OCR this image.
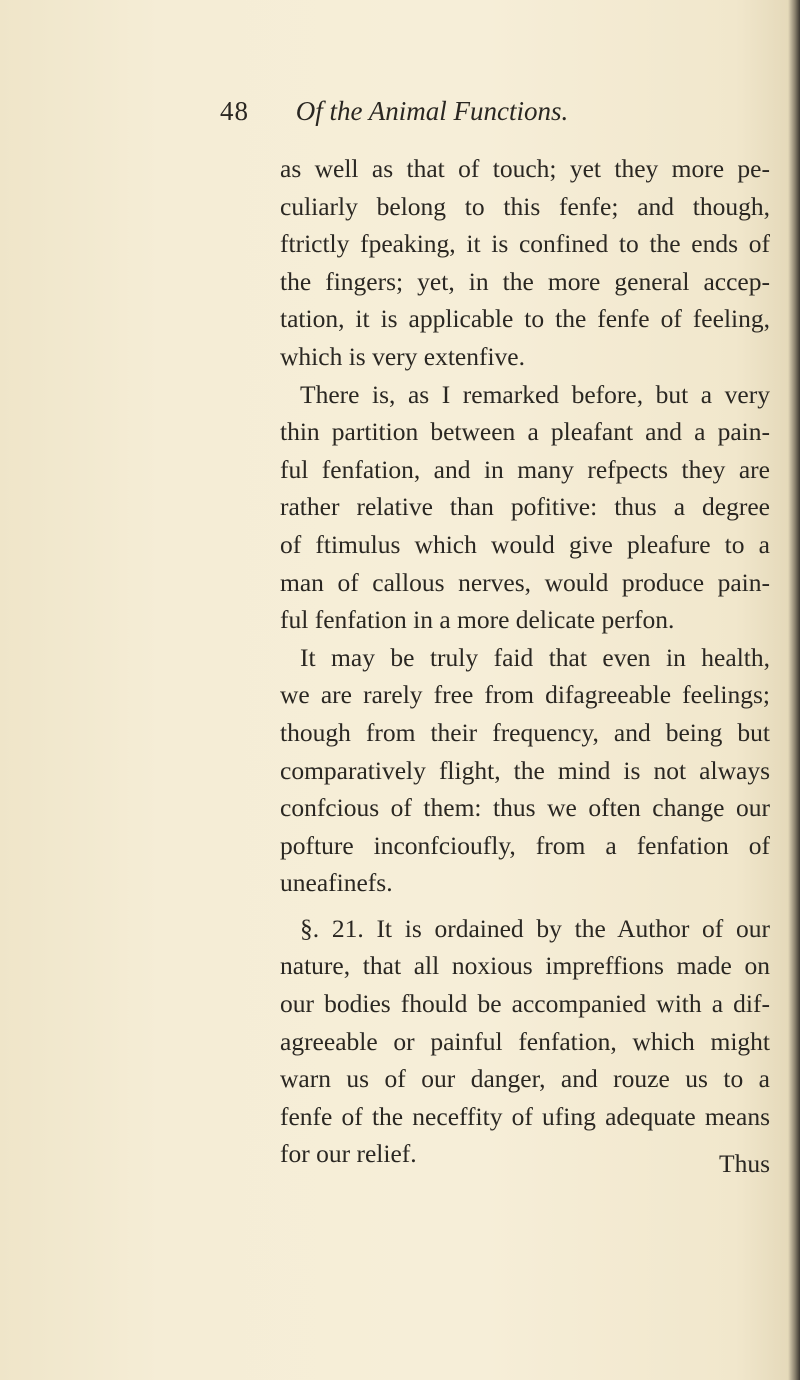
48 Of the Animal Functions.
as well as that of touch; yet they more pe-
culiarly belong to this fenfe; and though,
ftrictly fpeaking, it is confined to the ends of
the fingers; yet, in the more general accep-
tation, it is applicable to the fenfe of feeling,
which is very extenfive.
There is, as I remarked before, but a very
thin partition between a pleafant and a pain-
ful fenfation, and in many refpects they are
rather relative than pofitive: thus a degree
of ftimulus which would give pleafure to a
man of callous nerves, would produce pain-
ful fenfation in a more delicate perfon.
It may be truly faid that even in health,
we are rarely free from difagreeable feelings;
though from their frequency, and being but
comparatively flight, the mind is not always
confcious of them: thus we often change our
pofture inconfcioufly, from a fenfation of
uneafinefs.
§. 21. It is ordained by the Author of our
nature, that all noxious impreffions made on
our bodies fhould be accompanied with a dif-
agreeable or painful fenfation, which might
warn us of our danger, and rouze us to a
fenfe of the neceffity of ufing adequate means
for our relief.	Thus
